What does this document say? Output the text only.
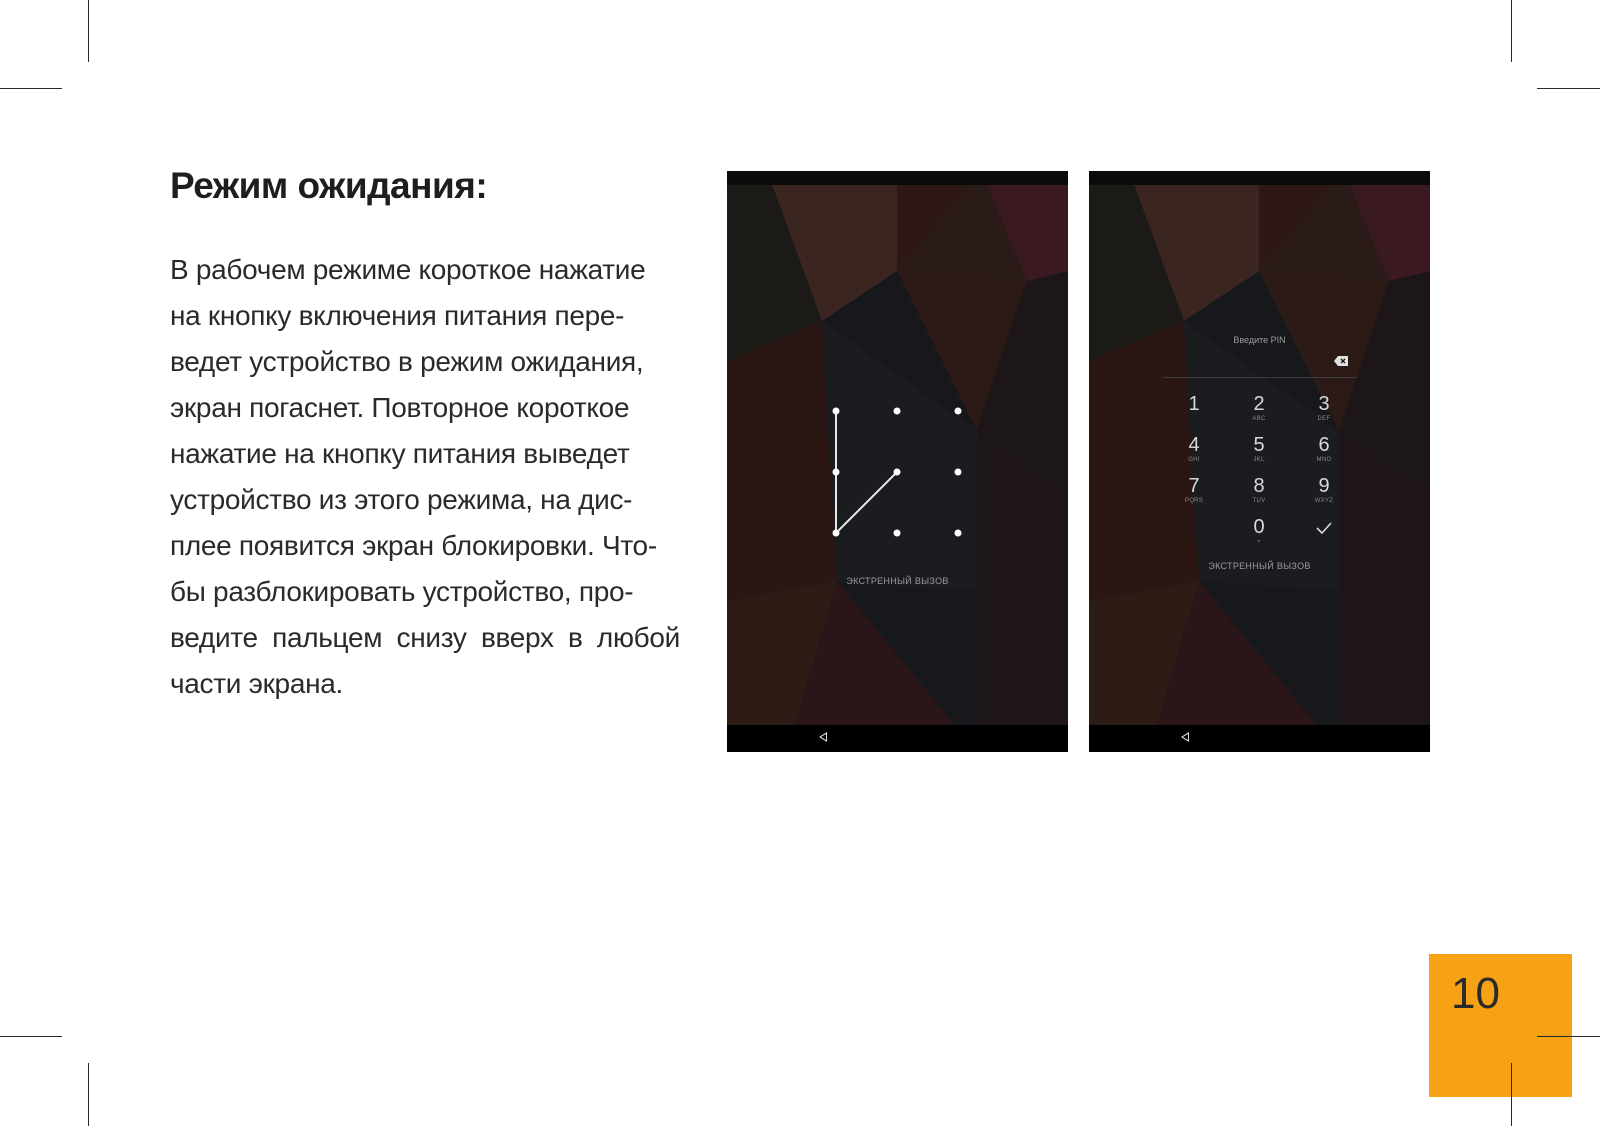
Режим ожидания:
В рабочем режиме короткое нажатие
на кнопку включения питания пере-
ведет устройство в режим ожидания,
экран погаснет. Повторное короткое
нажатие на кнопку питания выведет
устройство из этого режима, на дис-
плее появится экран блокировки. Что-
бы разблокировать устройство, про-
ведите пальцем снизу вверх в любой
части экрана.
ЭКСТРЕННЫЙ ВЫЗОВ
Введите PIN
1	2
ABC
3
DEF
4
GHI
5
JKL
6
MNO
7
PQRS
8
TUV
9
WXYZ
0
+
ЭКСТРЕННЫЙ ВЫЗОВ
10
